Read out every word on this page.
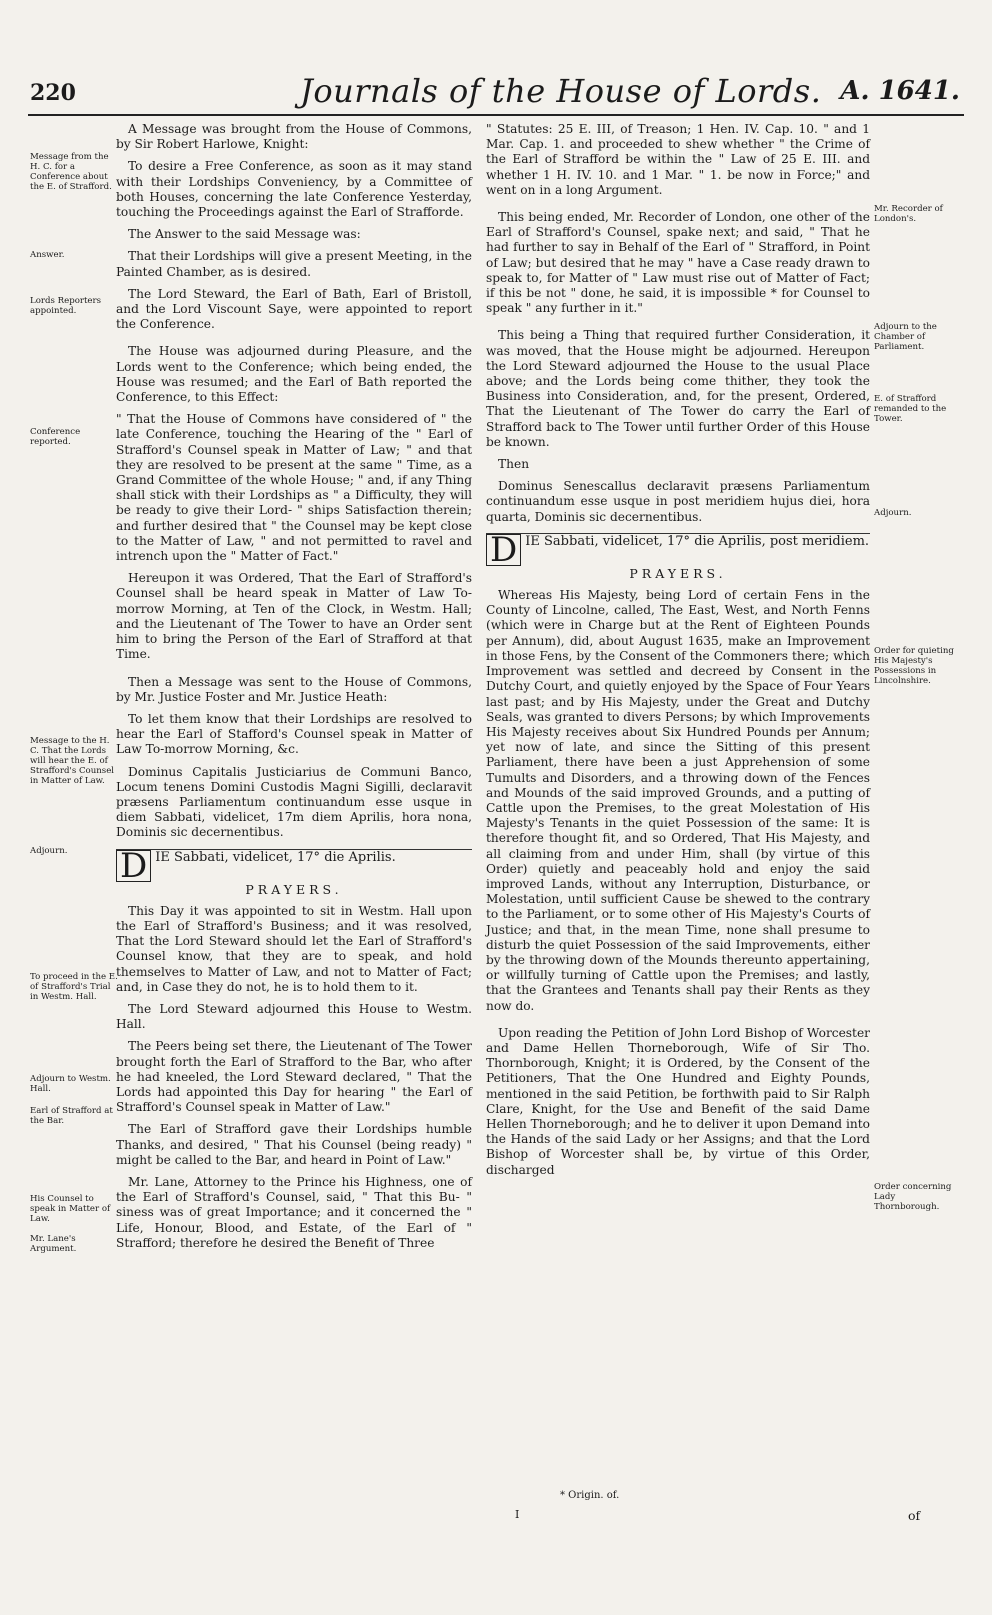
220	Journals of the House of Lords. A. 1641.
Message from the H. C. for a Conference about the E. of Strafford.
Answer.
Lords Reporters appointed.
Conference reported.
Message to the H. C. That the Lords will hear the E. of Strafford's Counsel in Matter of Law.
Adjourn.
To proceed in the E. of Strafford's Trial in Westm. Hall.
Adjourn to Westm. Hall.
Earl of Strafford at the Bar.
His Counsel to speak in Matter of Law.
Mr. Lane's Argument.

A Message was brought from the House of Commons, by Sir Robert Harlowe, Knight:

To desire a Free Conference, as soon as it may stand with their Lordships Conveniency, by a Committee of both Houses, concerning the late Conference Yesterday, touching the Proceedings against the Earl of Strafforde.

The Answer to the said Message was:

That their Lordships will give a present Meeting, in the Painted Chamber, as is desired.

The Lord Steward, the Earl of Bath, Earl of Bristoll, and the Lord Viscount Saye, were appointed to report the Conference.

The House was adjourned during Pleasure, and the Lords went to the Conference; which being ended, the House was resumed; and the Earl of Bath reported the Conference, to this Effect:

" That the House of Commons have considered of " the late Conference, touching the Hearing of the " Earl of Strafford's Counsel speak in Matter of Law; " and that they are resolved to be present at the same " Time, as a Grand Committee of the whole House; " and, if any Thing shall stick with their Lordships as " a Difficulty, they will be ready to give their Lord- " ships Satisfaction therein; and further desired that " the Counsel may be kept close to the Matter of Law, " and not permitted to ravel and intrench upon the " Matter of Fact."

Hereupon it was Ordered, That the Earl of Strafford's Counsel shall be heard speak in Matter of Law To-morrow Morning, at Ten of the Clock, in Westm. Hall; and the Lieutenant of The Tower to have an Order sent him to bring the Person of the Earl of Strafford at that Time.

Then a Message was sent to the House of Commons, by Mr. Justice Foster and Mr. Justice Heath:

To let them know that their Lordships are resolved to hear the Earl of Stafford's Counsel speak in Matter of Law To-morrow Morning, &c.

Dominus Capitalis Justiciarius de Communi Banco, Locum tenens Domini Custodis Magni Sigilli, declaravit præsens Parliamentum continuandum esse usque in diem Sabbati, videlicet, 17m diem Aprilis, hora nona, Dominis sic decernentibus.

D IE Sabbati, videlicet, 17° die Aprilis.

PRAYERS.

This Day it was appointed to sit in Westm. Hall upon the Earl of Strafford's Business; and it was resolved, That the Lord Steward should let the Earl of Strafford's Counsel know, that they are to speak, and hold themselves to Matter of Law, and not to Matter of Fact; and, in Case they do not, he is to hold them to it.

The Lord Steward adjourned this House to Westm. Hall.

The Peers being set there, the Lieutenant of The Tower brought forth the Earl of Strafford to the Bar, who after he had kneeled, the Lord Steward declared, " That the Lords had appointed this Day for hearing " the Earl of Strafford's Counsel speak in Matter of Law."

The Earl of Strafford gave their Lordships humble Thanks, and desired, " That his Counsel (being ready) " might be called to the Bar, and heard in Point of Law."

Mr. Lane, Attorney to the Prince his Highness, one of the Earl of Strafford's Counsel, said, " That this Bu- " siness was of great Importance; and it concerned the " Life, Honour, Blood, and Estate, of the Earl of " Strafford; therefore he desired the Benefit of Three

" Statutes: 25 E. III, of Treason; 1 Hen. IV. Cap. 10. " and 1 Mar. Cap. 1. and proceeded to shew whether " the Crime of the Earl of Strafford be within the " Law of 25 E. III. and whether 1 H. IV. 10. and 1 Mar. " 1. be now in Force;" and went on in a long Argument.

This being ended, Mr. Recorder of London, one other of the Earl of Strafford's Counsel, spake next; and said, " That he had further to say in Behalf of the Earl of " Strafford, in Point of Law; but desired that he may " have a Case ready drawn to speak to, for Matter of " Law must rise out of Matter of Fact; if this be not " done, he said, it is impossible * for Counsel to speak " any further in it."

This being a Thing that required further Consideration, it was moved, that the House might be adjourned. Hereupon the Lord Steward adjourned the House to the usual Place above; and the Lords being come thither, they took the Business into Consideration, and, for the present, Ordered, That the Lieutenant of The Tower do carry the Earl of Strafford back to The Tower until further Order of this House be known.

Then

Dominus Senescallus declaravit præsens Parliamentum continuandum esse usque in post meridiem hujus diei, hora quarta, Dominis sic decernentibus.

D IE Sabbati, videlicet, 17° die Aprilis, post meridiem.

PRAYERS.

Whereas His Majesty, being Lord of certain Fens in the County of Lincolne, called, The East, West, and North Fenns (which were in Charge but at the Rent of Eighteen Pounds per Annum), did, about August 1635, make an Improvement in those Fens, by the Consent of the Commoners there; which Improvement was settled and decreed by Consent in the Dutchy Court, and quietly enjoyed by the Space of Four Years last past; and by His Majesty, under the Great and Dutchy Seals, was granted to divers Persons; by which Improvements His Majesty receives about Six Hundred Pounds per Annum; yet now of late, and since the Sitting of this present Parliament, there have been a just Apprehension of some Tumults and Disorders, and a throwing down of the Fences and Mounds of the said improved Grounds, and a putting of Cattle upon the Premises, to the great Molestation of His Majesty's Tenants in the quiet Possession of the same: It is therefore thought fit, and so Ordered, That His Majesty, and all claiming from and under Him, shall (by virtue of this Order) quietly and peaceably hold and enjoy the said improved Lands, without any Interruption, Disturbance, or Molestation, until sufficient Cause be shewed to the contrary to the Parliament, or to some other of His Majesty's Courts of Justice; and that, in the mean Time, none shall presume to disturb the quiet Possession of the said Improvements, either by the throwing down of the Mounds thereunto appertaining, or willfully turning of Cattle upon the Premises; and lastly, that the Grantees and Tenants shall pay their Rents as they now do.

Upon reading the Petition of John Lord Bishop of Worcester and Dame Hellen Thorneborough, Wife of Sir Tho. Thornborough, Knight; it is Ordered, by the Consent of the Petitioners, That the One Hundred and Eighty Pounds, mentioned in the said Petition, be forthwith paid to Sir Ralph Clare, Knight, for the Use and Benefit of the said Dame Hellen Thorneborough; and he to deliver it upon Demand into the Hands of the said Lady or her Assigns; and that the Lord Bishop of Worcester shall be, by virtue of this Order, discharged

Mr. Recorder of London's.
Adjourn to the Chamber of Parliament.
E. of Strafford remanded to the Tower.
Adjourn.
Order for quieting His Majesty's Possessions in Lincolnshire.
Order concerning Lady Thornborough.
* Origin. of.
I	of
